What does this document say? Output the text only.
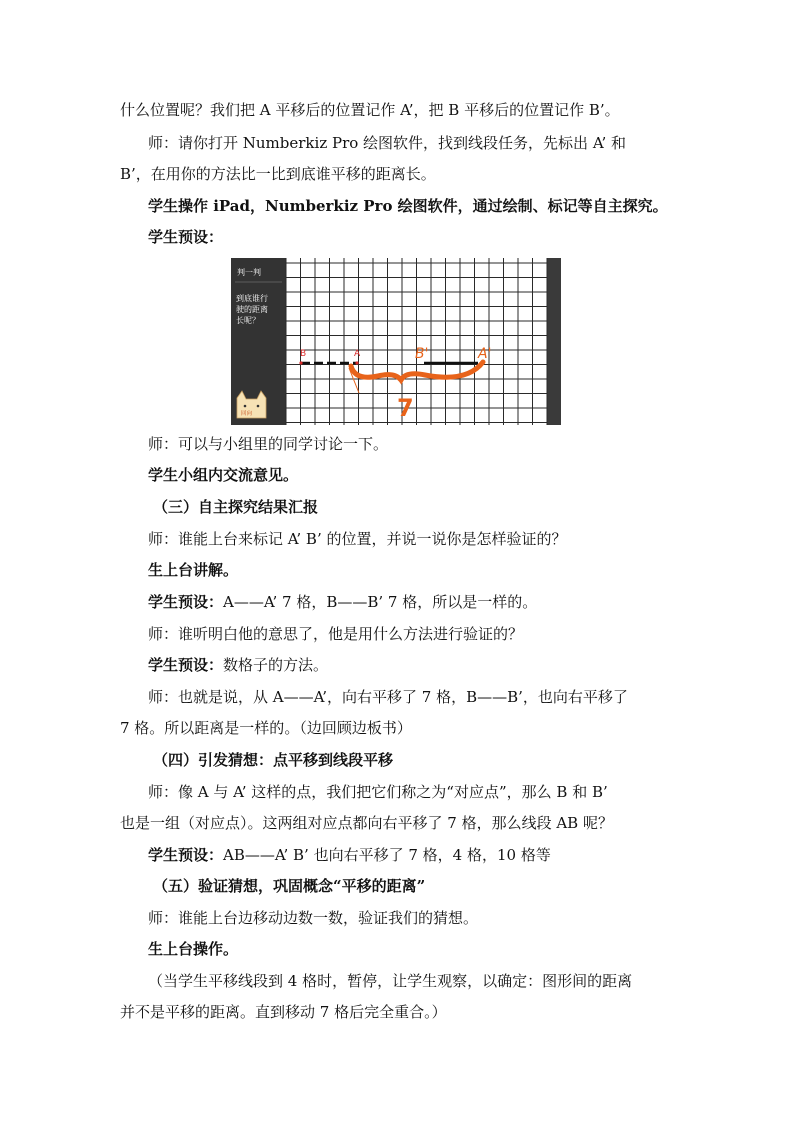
什么位置呢？我们把 A 平移后的位置记作 A’，把 B 平移后的位置记作 B’。
师：请你打开 Numberkiz Pro 绘图软件，找到线段任务，先标出 A’ 和
B’，在用你的方法比一比到底谁平移的距离长。
学生操作 iPad，Numberkiz Pro 绘图软件，通过绘制、标记等自主探究。
学生预设：
判一判
到底谁行
驶的距离
长呢？
回向
B	A	B'	A'
7
师：可以与小组里的同学讨论一下。
学生小组内交流意见。
（三）自主探究结果汇报
师：谁能上台来标记 A’ B’ 的位置，并说一说你是怎样验证的？
生上台讲解。
学生预设：A——A’ 7 格，B——B’ 7 格，所以是一样的。
师：谁听明白他的意思了，他是用什么方法进行验证的？
学生预设：数格子的方法。
师：也就是说，从 A——A’，向右平移了 7 格，B——B’，也向右平移了
7 格。所以距离是一样的。（边回顾边板书）
（四）引发猜想：点平移到线段平移
师：像 A 与 A’ 这样的点，我们把它们称之为“对应点”，那么 B 和 B’
也是一组（对应点）。这两组对应点都向右平移了 7 格，那么线段 AB 呢？
学生预设：AB——A’ B’ 也向右平移了 7 格，4 格，10 格等
（五）验证猜想，巩固概念“平移的距离”
师：谁能上台边移动边数一数，验证我们的猜想。
生上台操作。
（当学生平移线段到 4 格时，暂停，让学生观察，以确定：图形间的距离
并不是平移的距离。直到移动 7 格后完全重合。）
